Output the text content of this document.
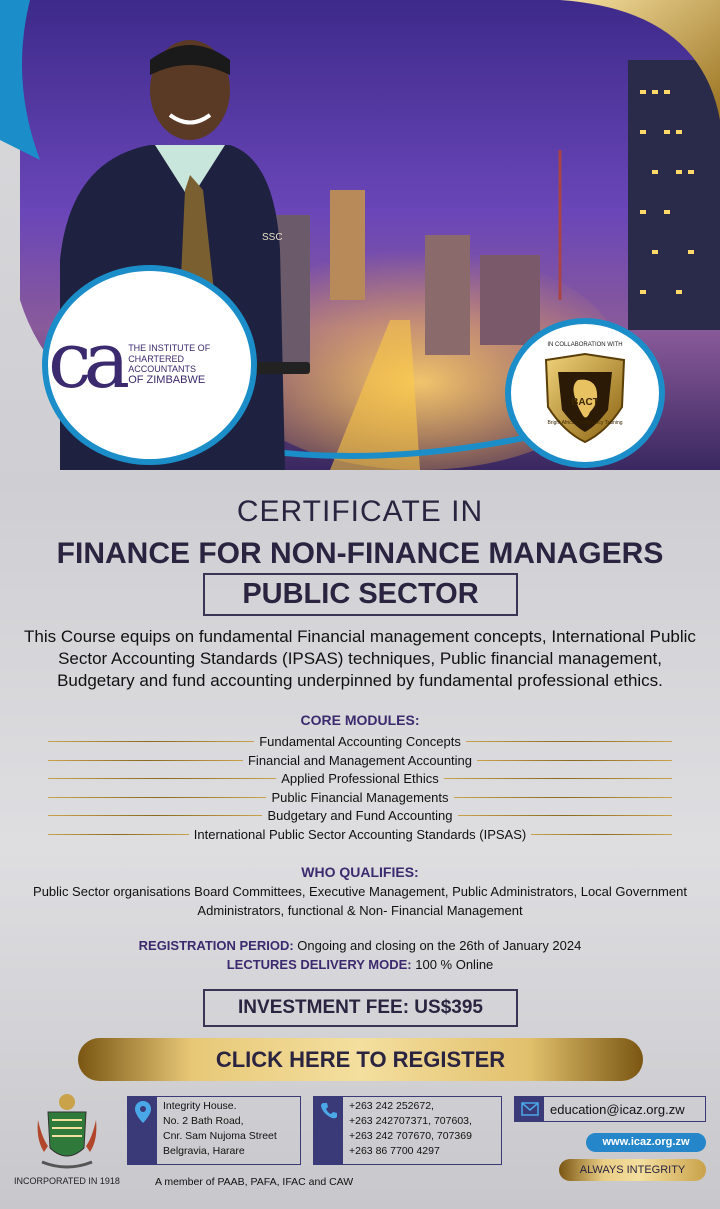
SSC
ca THE INSTITUTE OF
CHARTERED ACCOUNTANTS
OF ZIMBABWE
IN COLLABORATION WITH
BACT
Bright Africa Consultancy Training
CERTIFICATE IN
FINANCE FOR NON-FINANCE MANAGERS
PUBLIC SECTOR
This Course equips on fundamental Financial management concepts, International Public Sector Accounting Standards (IPSAS) techniques, Public financial management, Budgetary and fund accounting underpinned by fundamental professional ethics.
CORE MODULES:
Fundamental Accounting Concepts
Financial and Management Accounting
Applied Professional Ethics
Public Financial Managements
Budgetary and Fund Accounting
International Public Sector Accounting Standards (IPSAS)
WHO QUALIFIES:
Public Sector organisations Board Committees, Executive Management, Public Administrators, Local Government Administrators, functional & Non- Financial Management
REGISTRATION PERIOD: Ongoing and closing on the 26th of January 2024
LECTURES DELIVERY MODE: 100 % Online
INVESTMENT FEE: US$395
CLICK HERE TO REGISTER
INCORPORATED IN 1918
Integrity House.
No. 2 Bath Road,
Cnr. Sam Nujoma Street
Belgravia, Harare
+263 242 252672,
+263 242707371, 707603,
+263 242 707670, 707369
+263 86 7700 4297
education@icaz.org.zw
www.icaz.org.zw
ALWAYS INTEGRITY
A member of PAAB, PAFA, IFAC and CAW
